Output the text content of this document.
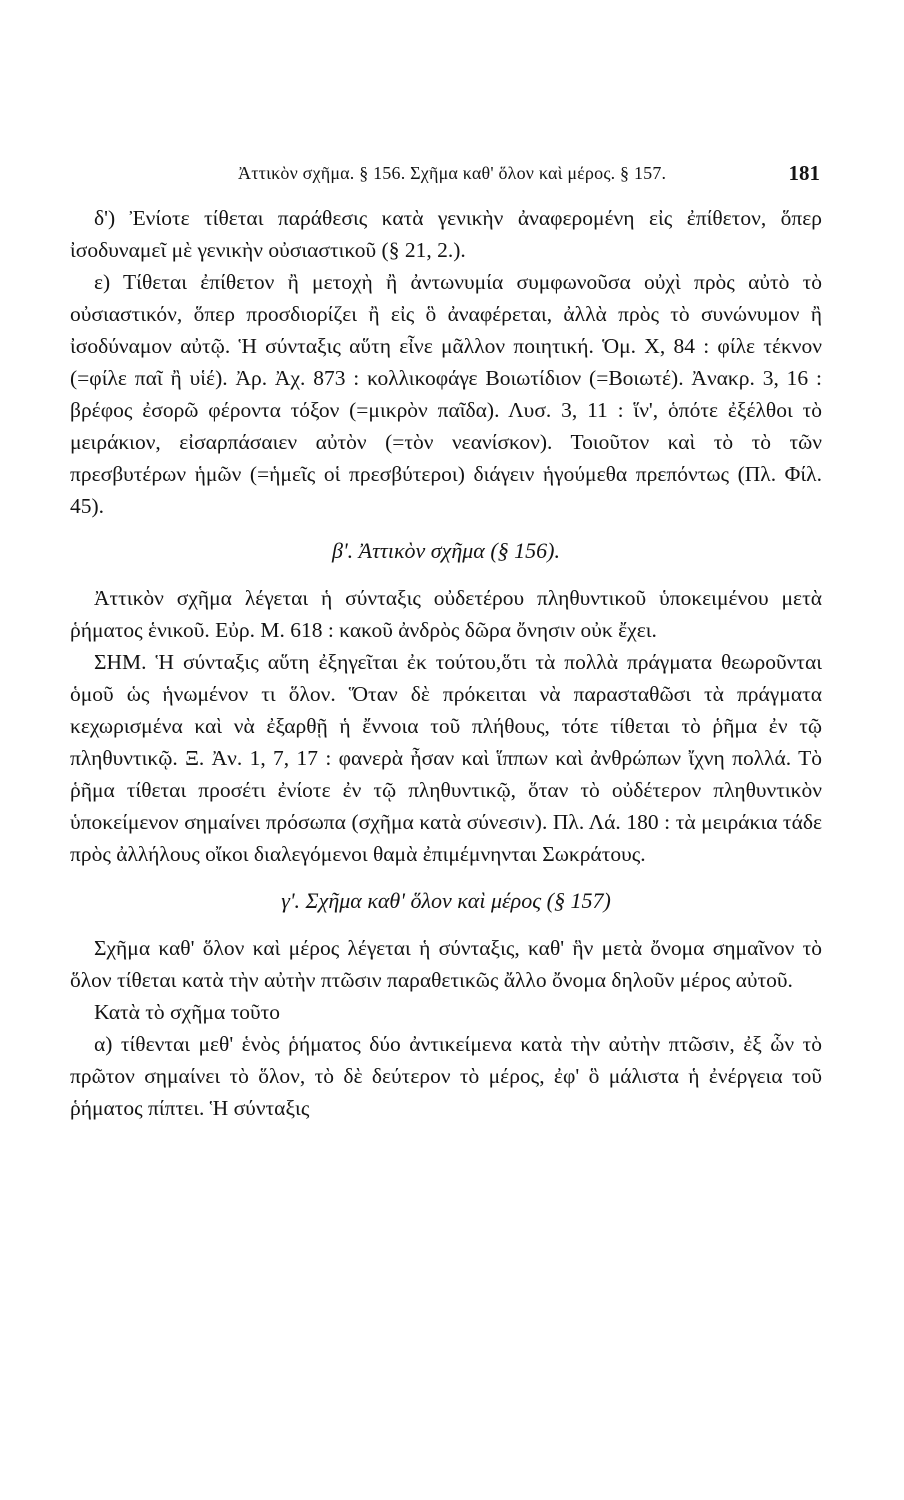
Ἀττικὸν σχῆμα. § 156. Σχῆμα καθ' ὅλον καὶ μέρος. § 157.	181

δ') Ἐνίοτε τίθεται παράθεσις κατὰ γενικὴν ἀναφερομένη εἰς ἐπίθετον, ὅπερ ἰσοδυναμεῖ μὲ γενικὴν οὐσιαστικοῦ (§ 21, 2.).

ε) Τίθεται ἐπίθετον ἢ μετοχὴ ἢ ἀντωνυμία συμφωνοῦσα οὐχὶ πρὸς αὐτὸ τὸ οὐσιαστικόν, ὅπερ προσδιορίζει ἢ εἰς ὃ ἀναφέρεται, ἀλλὰ πρὸς τὸ συνώνυμον ἢ ἰσοδύναμον αὐτῷ. Ἡ σύνταξις αὕτη εἶνε μᾶλλον ποιητική. Ὁμ. Χ, 84 : φίλε τέκνον (=φίλε παῖ ἢ υἱέ). Ἀρ. Ἀχ. 873 : κολλικοφάγε Βοιωτίδιον (=Βοιωτέ). Ἀνακρ. 3, 16 : βρέφος ἐσορῶ φέροντα τόξον (=μικρὸν παῖδα). Λυσ. 3, 11 : ἵν', ὁπότε ἐξέλθοι τὸ μειράκιον, εἰσαρπάσαιεν αὐτὸν (=τὸν νεανίσκον). Τοιοῦτον καὶ τὸ τὸ τῶν πρεσβυτέρων ἡμῶν (=ἡμεῖς οἱ πρεσβύτεροι) διάγειν ἡγούμεθα πρεπόντως (Πλ. Φίλ. 45).

β'. Ἀττικὸν σχῆμα (§ 156).

Ἀττικὸν σχῆμα λέγεται ἡ σύνταξις οὐδετέρου πληθυντικοῦ ὑποκειμένου μετὰ ῥήματος ἑνικοῦ. Εὐρ. Μ. 618 : κακοῦ ἀνδρὸς δῶρα ὄνησιν οὐκ ἔχει.

ΣΗΜ. Ἡ σύνταξις αὕτη ἐξηγεῖται ἐκ τούτου,ὅτι τὰ πολλὰ πράγματα θεωροῦνται ὁμοῦ ὡς ἡνωμένον τι ὅλον. Ὅταν δὲ πρόκειται νὰ παρασταθῶσι τὰ πράγματα κεχωρισμένα καὶ νὰ ἐξαρθῇ ἡ ἔννοια τοῦ πλήθους, τότε τίθεται τὸ ῥῆμα ἐν τῷ πληθυντικῷ. Ξ. Ἀν. 1, 7, 17 : φανερὰ ἦσαν καὶ ἵππων καὶ ἀνθρώπων ἴχνη πολλά. Τὸ ῥῆμα τίθεται προσέτι ἐνίοτε ἐν τῷ πληθυντικῷ, ὅταν τὸ οὐδέτερον πληθυντικὸν ὑποκείμενον σημαίνει πρόσωπα (σχῆμα κατὰ σύνεσιν). Πλ. Λά. 180 : τὰ μειράκια τάδε πρὸς ἀλλήλους οἴκοι διαλεγόμενοι θαμὰ ἐπιμέμνηνται Σωκράτους.

γ'. Σχῆμα καθ' ὅλον καὶ μέρος (§ 157)

Σχῆμα καθ' ὅλον καὶ μέρος λέγεται ἡ σύνταξις, καθ' ἣν μετὰ ὄνομα σημαῖνον τὸ ὅλον τίθεται κατὰ τὴν αὐτὴν πτῶσιν παραθετικῶς ἄλλο ὄνομα δηλοῦν μέρος αὐτοῦ.

Κατὰ τὸ σχῆμα τοῦτο

α) τίθενται μεθ' ἑνὸς ῥήματος δύο ἀντικείμενα κατὰ τὴν αὐτὴν πτῶσιν, ἐξ ὧν τὸ πρῶτον σημαίνει τὸ ὅλον, τὸ δὲ δεύτερον τὸ μέρος, ἐφ' ὃ μάλιστα ἡ ἐνέργεια τοῦ ῥήματος πίπτει. Ἡ σύνταξις
